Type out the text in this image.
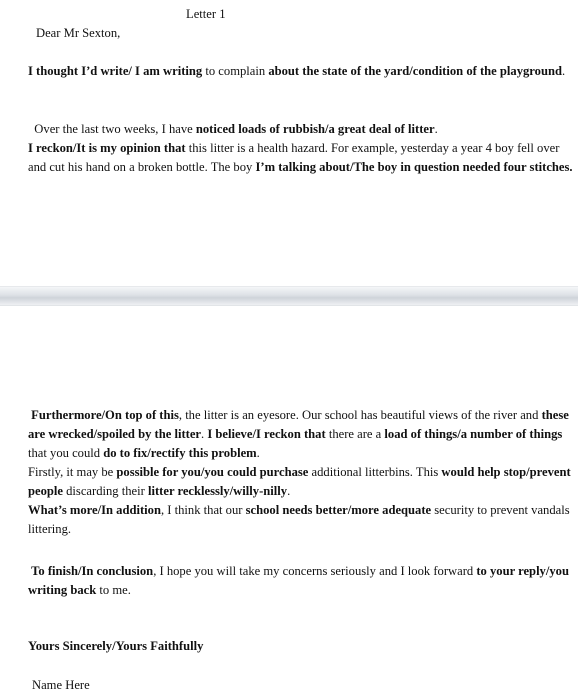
Letter 1

Dear Mr Sexton,

I thought I’d write/ I am writing to complain about the state of the yard/condition of the playground.

Over the last two weeks, I have noticed loads of rubbish/a great deal of litter.
I reckon/It is my opinion that this litter is a health hazard. For example, yesterday a year 4 boy fell over and cut his hand on a broken bottle. The boy I’m talking about/The boy in question needed four stitches.

Furthermore/On top of this, the litter is an eyesore. Our school has beautiful views of the river and these are wrecked/spoiled by the litter. I believe/I reckon that there are a load of things/a number of things that you could do to fix/rectify this problem.
Firstly, it may be possible for you/you could purchase additional litterbins. This would help stop/prevent people discarding their litter recklessly/willy-nilly.
What’s more/In addition, I think that our school needs better/more adequate security to prevent vandals littering.

To finish/In conclusion, I hope you will take my concerns seriously and I look forward to your reply/you writing back to me.

Yours Sincerely/Yours Faithfully

Name Here
